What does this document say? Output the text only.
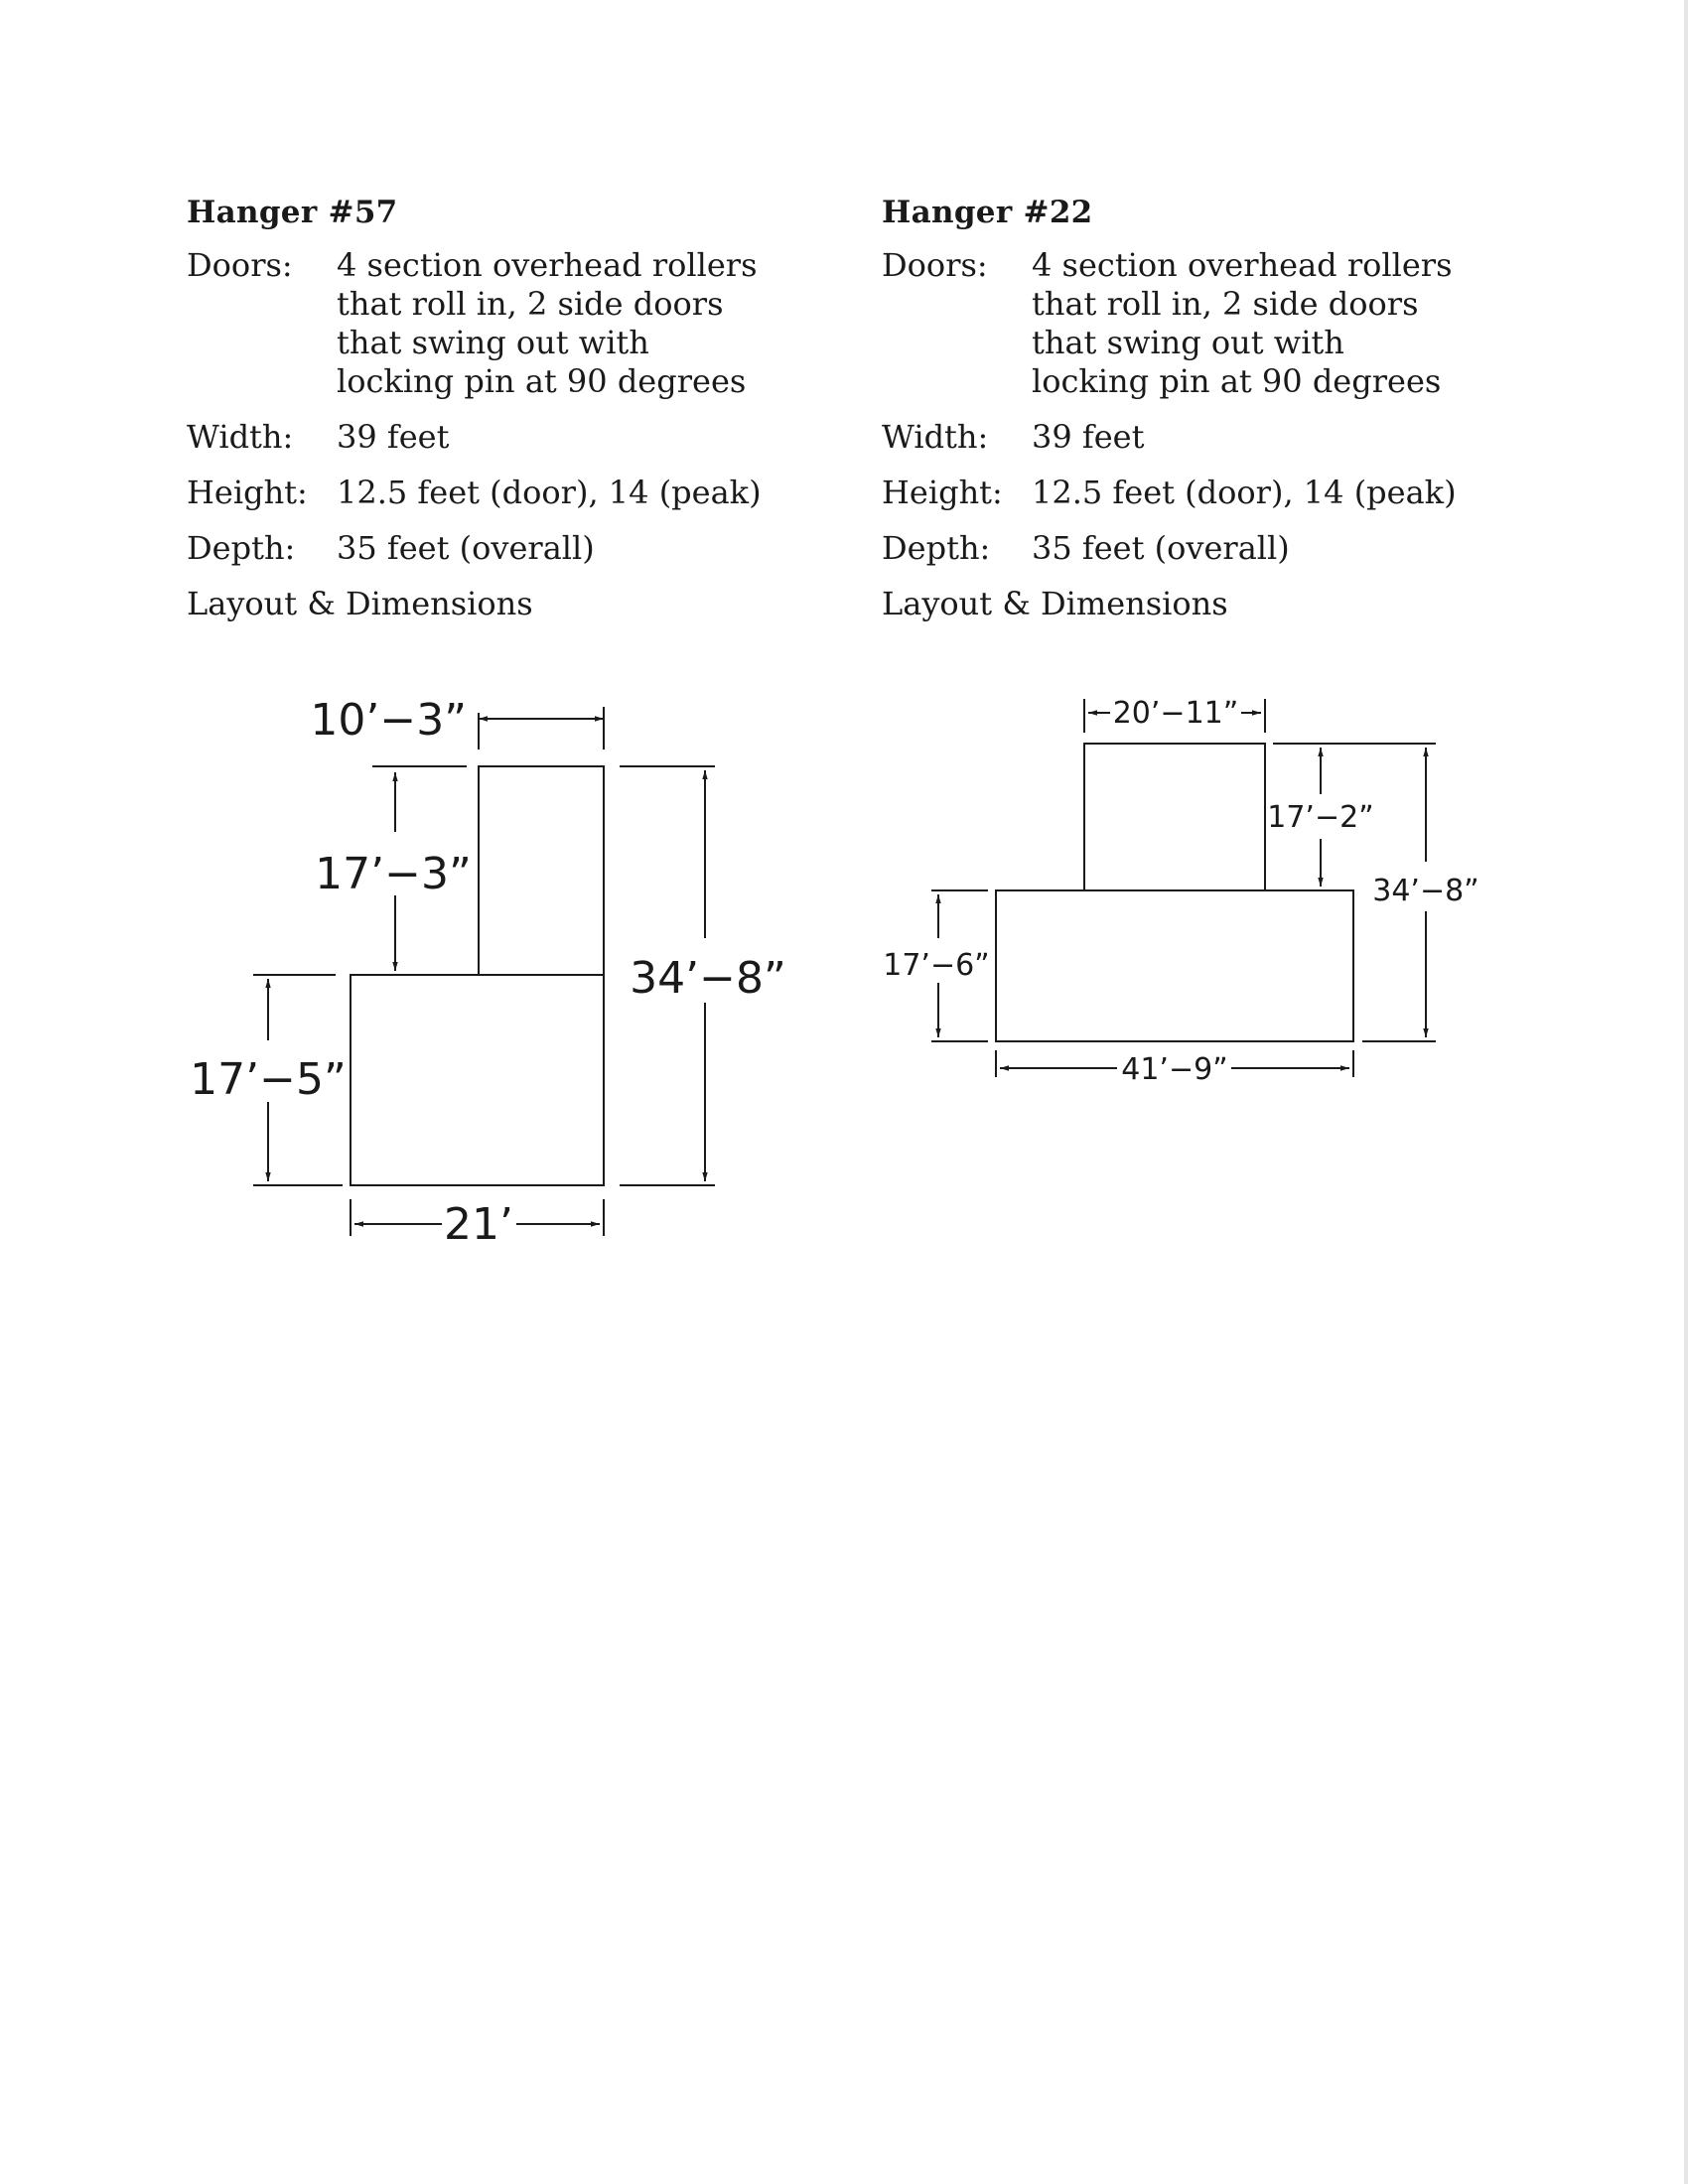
Hanger #57
Doors:	4 section overhead rollers that roll in, 2 side doors that swing out with locking pin at 90 degrees
Width:	39 feet
Height: 12.5 feet (door), 14 (peak)
Depth:	35 feet (overall)
Layout & Dimensions
Hanger #22
Doors:	4 section overhead rollers that roll in, 2 side doors that swing out with locking pin at 90 degrees
Width:	39 feet
Height: 12.5 feet (door), 14 (peak)
Depth:	35 feet (overall)
Layout & Dimensions
10’−3”
17’−3”
17’−5”
34’−8”
21’
20’−11”
17’−2”
17’−6”
34’−8”
41’−9”
